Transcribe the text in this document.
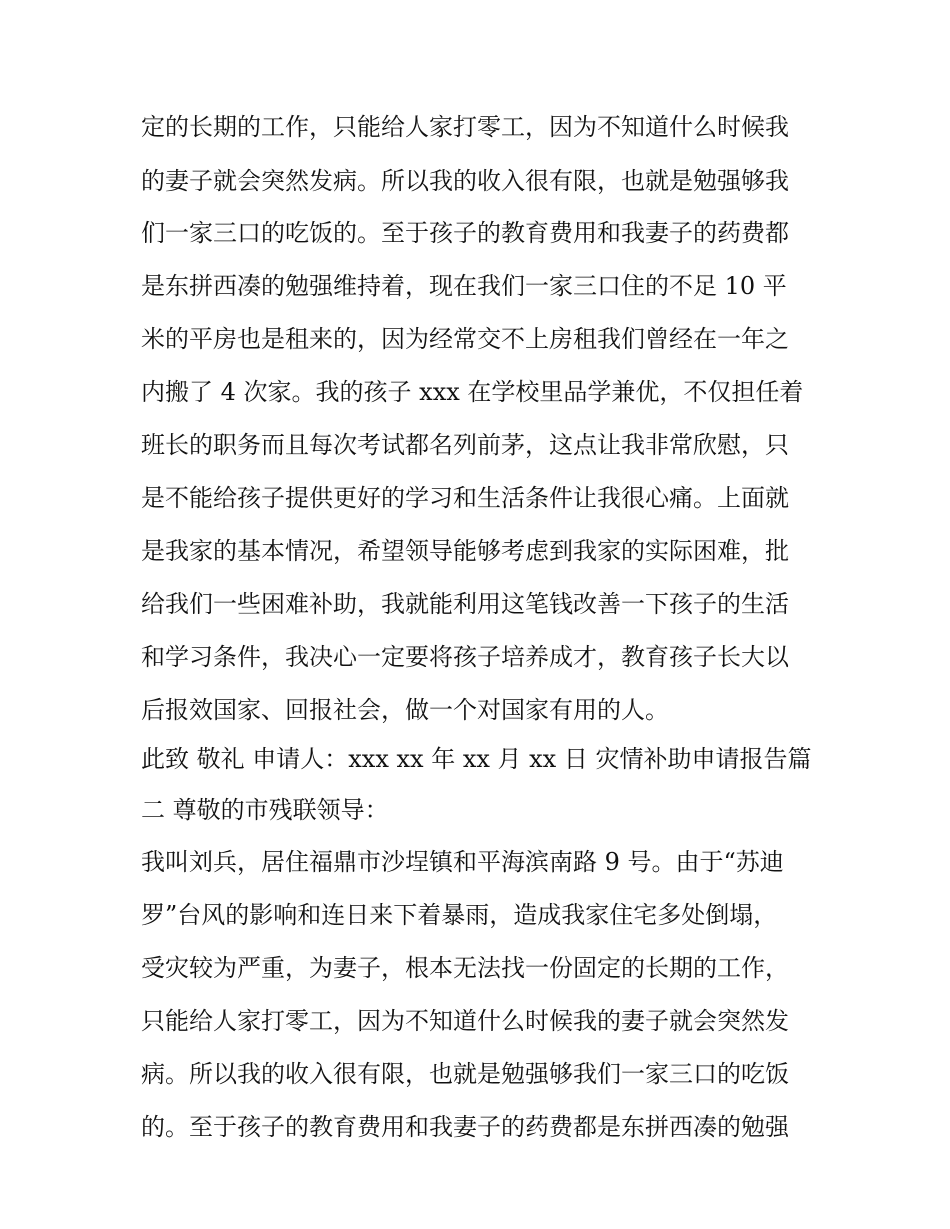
定的长期的工作，只能给人家打零工，因为不知道什么时候我
的妻子就会突然发病。所以我的收入很有限，也就是勉强够我
们一家三口的吃饭的。至于孩子的教育费用和我妻子的药费都
是东拼西凑的勉强维持着，现在我们一家三口住的不足 10 平
米的平房也是租来的，因为经常交不上房租我们曾经在一年之
内搬了 4 次家。我的孩子 xxx 在学校里品学兼优，不仅担任着
班长的职务而且每次考试都名列前茅，这点让我非常欣慰，只
是不能给孩子提供更好的学习和生活条件让我很心痛。上面就
是我家的基本情况，希望领导能够考虑到我家的实际困难，批
给我们一些困难补助，我就能利用这笔钱改善一下孩子的生活
和学习条件，我决心一定要将孩子培养成才，教育孩子长大以
后报效国家、回报社会，做一个对国家有用的人。
此致 敬礼 申请人：xxx xx 年 xx 月 xx 日 灾情补助申请报告篇
二 尊敬的市残联领导：
我叫刘兵，居住福鼎市沙埕镇和平海滨南路 9 号。由于“苏迪
罗”台风的影响和连日来下着暴雨，造成我家住宅多处倒塌，
受灾较为严重，为妻子，根本无法找一份固定的长期的工作，
只能给人家打零工，因为不知道什么时候我的妻子就会突然发
病。所以我的收入很有限，也就是勉强够我们一家三口的吃饭
的。至于孩子的教育费用和我妻子的药费都是东拼西凑的勉强
